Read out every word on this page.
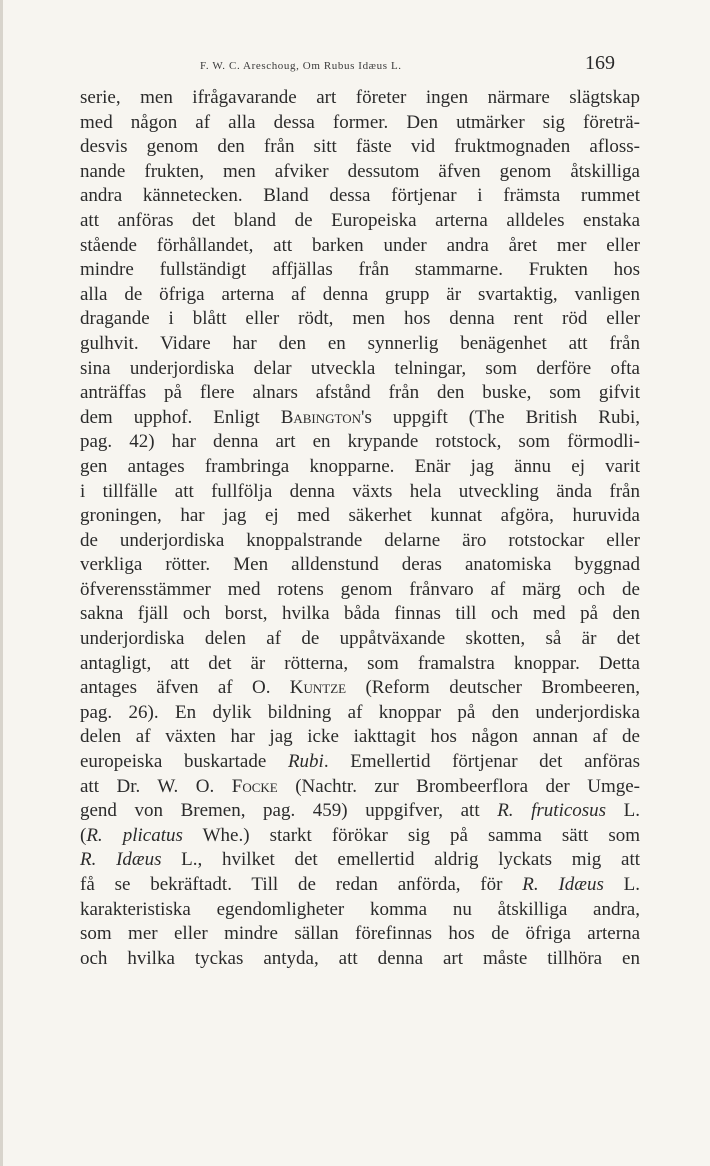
F. W. C. Areschoug, Om Rubus Idæus L.	169
serie, men ifrågavarande art företer ingen närmare slägtskap
med någon af alla dessa former. Den utmärker sig företrä-
desvis genom den från sitt fäste vid fruktmognaden afloss-
nande frukten, men afviker dessutom äfven genom åtskilliga
andra kännetecken. Bland dessa förtjenar i främsta rummet
att anföras det bland de Europeiska arterna alldeles enstaka
stående förhållandet, att barken under andra året mer eller
mindre fullständigt affjällas från stammarne. Frukten hos
alla de öfriga arterna af denna grupp är svartaktig, vanligen
dragande i blått eller rödt, men hos denna rent röd eller
gulhvit. Vidare har den en synnerlig benägenhet att från
sina underjordiska delar utveckla telningar, som derföre ofta
anträffas på flere alnars afstånd från den buske, som gifvit
dem upphof. Enligt Babington's uppgift (The British Rubi,
pag. 42) har denna art en krypande rotstock, som förmodli-
gen antages frambringa knopparne. Enär jag ännu ej varit
i tillfälle att fullfölja denna växts hela utveckling ända från
groningen, har jag ej med säkerhet kunnat afgöra, huruvida
de underjordiska knoppalstrande delarne äro rotstockar eller
verkliga rötter. Men alldenstund deras anatomiska byggnad
öfverensstämmer med rotens genom frånvaro af märg och de
sakna fjäll och borst, hvilka båda finnas till och med på den
underjordiska delen af de uppåtväxande skotten, så är det
antagligt, att det är rötterna, som framalstra knoppar. Detta
antages äfven af O. Kuntze (Reform deutscher Brombeeren,
pag. 26). En dylik bildning af knoppar på den underjordiska
delen af växten har jag icke iakttagit hos någon annan af de
europeiska buskartade Rubi. Emellertid förtjenar det anföras
att Dr. W. O. Focke (Nachtr. zur Brombeerflora der Umge-
gend von Bremen, pag. 459) uppgifver, att R. fruticosus L.
(R. plicatus Whe.) starkt förökar sig på samma sätt som
R. Idæus L., hvilket det emellertid aldrig lyckats mig att
få se bekräftadt. Till de redan anförda, för R. Idæus L.
karakteristiska egendomligheter komma nu åtskilliga andra,
som mer eller mindre sällan förefinnas hos de öfriga arterna
och hvilka tyckas antyda, att denna art måste tillhöra en
